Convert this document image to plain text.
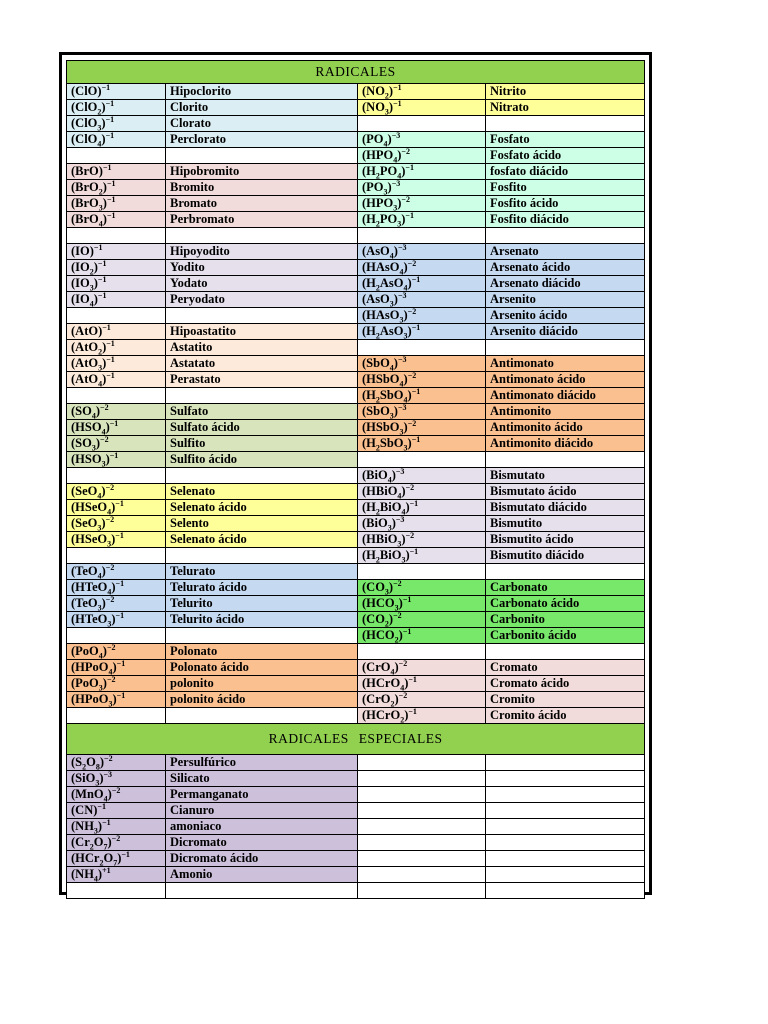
RADICALES			
(ClO)$^{-1}$	Hipoclorito	$(NO_2)^{-1}$	Nitrito
$(ClO_2)^{-1}$	Clorito	$(NO_3)^{-1}$	Nitrato
$(ClO_3)^{-1}$	Clorato		
$(ClO_4)^{-1}$	Perclorato	$(PO_4)^{-3}$	Fosfato
		$(HPO_4)^{-2}$	Fosfato ácido
(BrO)$^{-1}$	Hipobromito	$(H_2PO_4)^{-1}$	fosfato diácido
$(BrO_2)^{-1}$	Bromito	$(PO_3)^{-3}$	Fosfito
$(BrO_3)^{-1}$	Bromato	$(HPO_3)^{-2}$	Fosfito ácido
$(BrO_4)^{-1}$	Perbromato	$(H_2PO_3)^{-1}$	Fosfito diácido

(IO)$^{-1}$	Hipoyodito	$(AsO_4)^{-3}$	Arsenato
$(IO_2)^{-1}$	Yodito	(HAsO$_4$)$^{-2}$	Arsenato ácido
$(IO_3)^{-1}$	Yodato	$(H_2AsO_4)^{-1}$	Arsenato diácido
$(IO_4)^{-1}$	Peryodato	$(AsO_3)^{-3}$	Arsenito
		(HAsO$_3$)$^{-2}$	Arsenito ácido
(AtO)$^{-1}$	Hipoastatito	$(H_2AsO_3)^{-1}$	Arsenito diácido
$(AtO_2)^{-1}$	Astatito		
$(AtO_3)^{-1}$	Astatato	$(SbO_4)^{-3}$	Antimonato
$(AtO_4)^{-1}$	Perastato	(HSbO$_4$)$^{-2}$	Antimonato ácido
		$(H_2SbO_4)^{-1}$	Antimonato diácido
$(SO_4)^{-2}$	Sulfato	$(SbO_3)^{-3}$	Antimonito
$(HSO_4)^{-1}$	Sulfato ácido	(HSbO$_3$)$^{-2}$	Antimonito ácido
$(SO_3)^{-2}$	Sulfito	$(H_2SbO_3)^{-1}$	Antimonito diácido
$(HSO_3)^{-1}$	Sulfito ácido		
		$(BiO_4)^{-3}$	Bismutato
$(SeO_4)^{-2}$	Selenato	(HBiO$_4$)$^{-2}$	Bismutato ácido
(HSeO$_4$)$^{-1}$	Selenato ácido	$(H_2BiO_4)^{-1}$	Bismutato diácido
$(SeO_3)^{-2}$	Selento	$(BiO_3)^{-3}$	Bismutito
(HSeO$_3$)$^{-1}$	Selenato ácido	(HBiO$_3$)$^{-2}$	Bismutito ácido
		$(H_2BiO_3)^{-1}$	Bismutito diácido
$(TeO_4)^{-2}$	Telurato		
(HTeO$_4$)$^{-1}$	Telurato ácido	$(CO_3)^{-2}$	Carbonato
$(TeO_3)^{-2}$	Telurito	$(HCO_3)^{-1}$	Carbonato ácido
(HTeO$_3$)$^{-1}$	Telurito ácido	$(CO_2)^{-2}$	Carbonito
		$(HCO_2)^{-1}$	Carbonito ácido
$(PoO_4)^{-2}$	Polonato		
(HPoO$_4$)$^{-1}$	Polonato ácido	$(CrO_4)^{-2}$	Cromato
$(PoO_3)^{-2}$	polonito	(HCrO$_4$)$^{-1}$	Cromato ácido
(HPoO$_3$)$^{-1}$	polonito ácido	$(CrO_2)^{-2}$	Cromito
		(HCrO$_2$)$^{-1}$	Cromito ácido
RADICALES ESPECIALES			
$(S_2O_8)^{-2}$	Persulfúrico		
$(SiO_3)^{-3}$	Silicato		
$(MnO_4)^{-2}$	Permanganato		
(CN)$^{-1}$	Cianuro		
$(NH_3)^{-1}$	amoniaco		
$(Cr_2O_7)^{-2}$	Dicromato		
$(HCr_2O_7)^{-1}$	Dicromato ácido		
$(NH_4)^{+1}$	Amonio		
